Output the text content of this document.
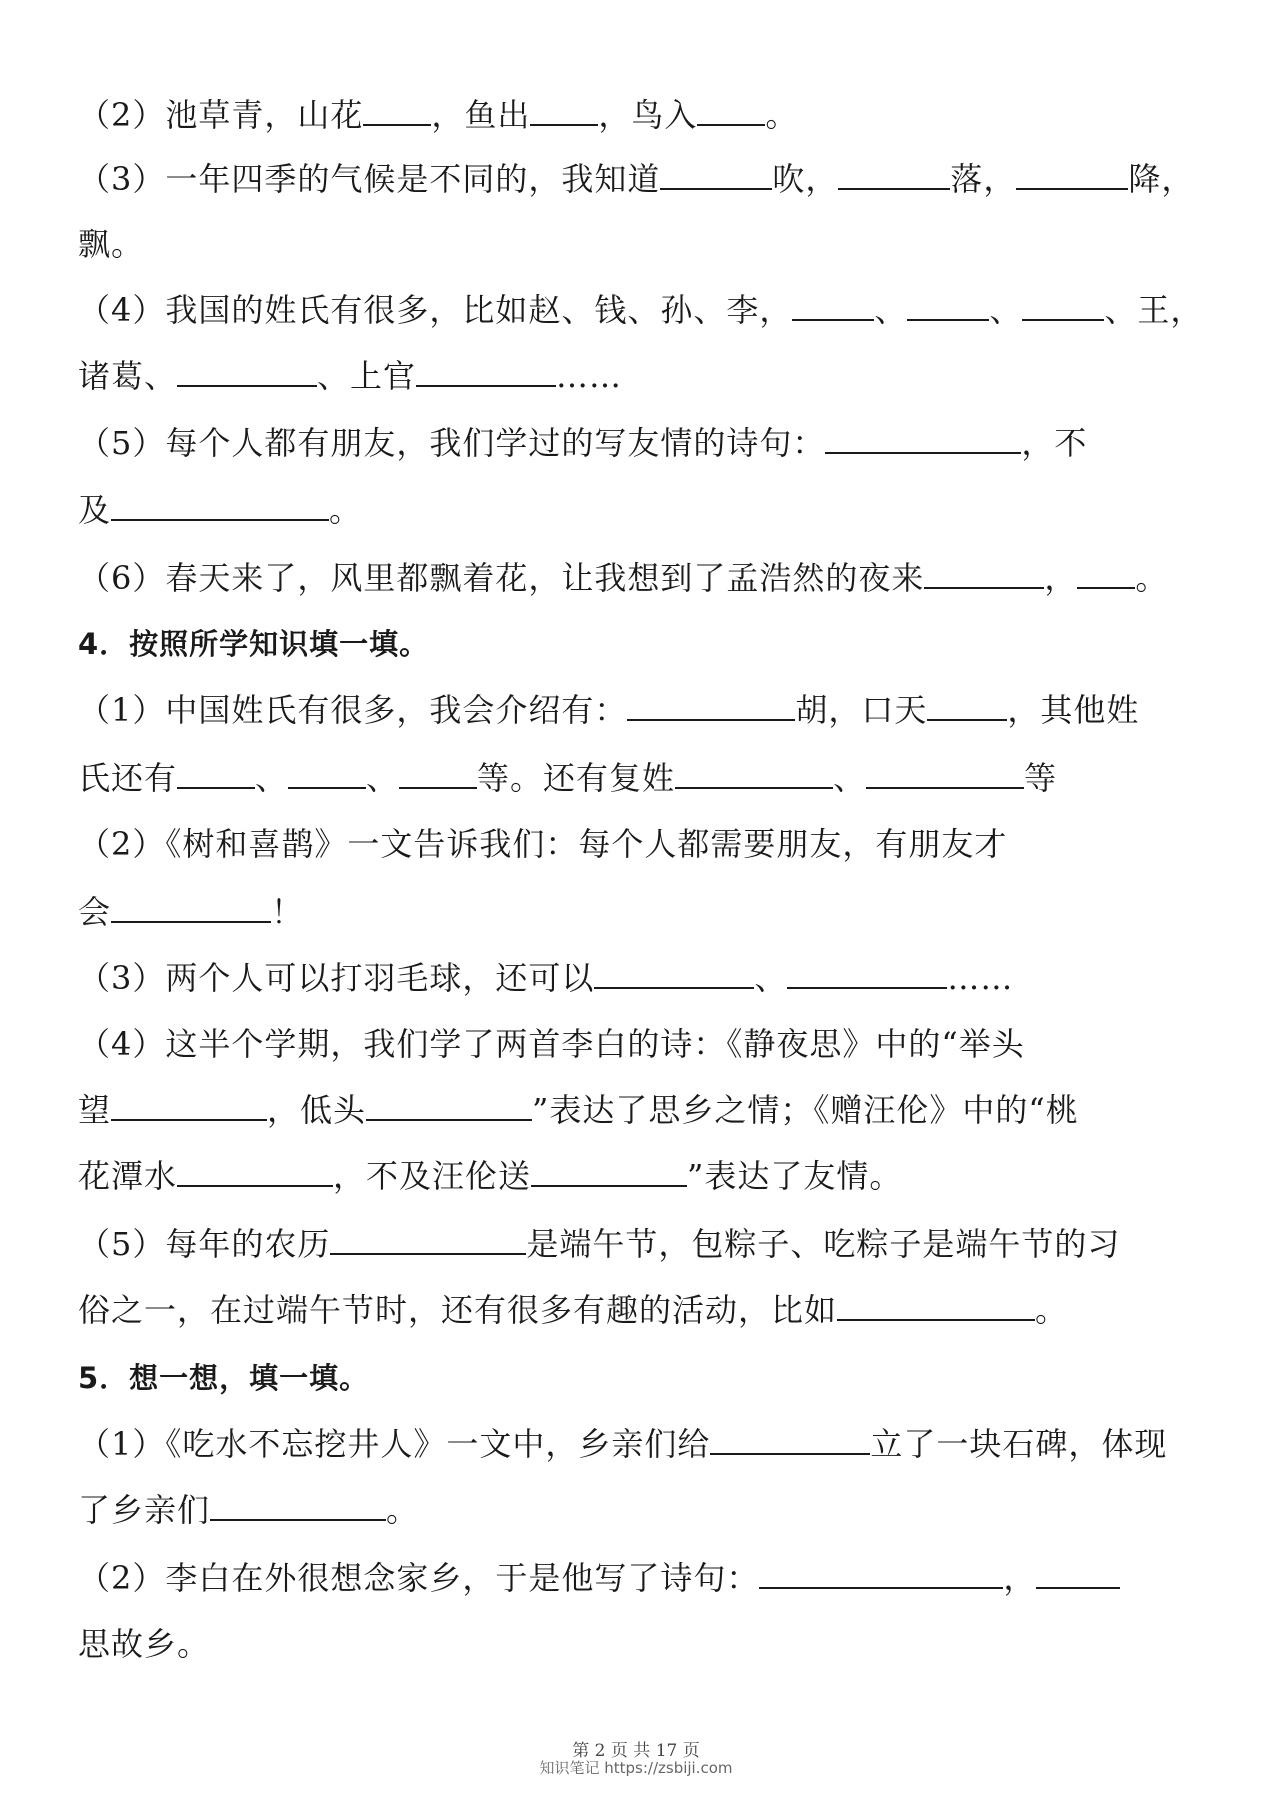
（2）池草青，山花 ，鱼出 ，鸟入 。
（3）一年四季的气候是不同的，我知道	吹，	落，	降，
飘。
（4）我国的姓氏有很多，比如赵、钱、孙、李，	、	、	、王，
诸葛、	、上官	……
（5）每个人都有朋友，我们学过的写友情的诗句：	，不
及	。
（6）春天来了，风里都飘着花，让我想到了孟浩然的夜来	， 。
4．按照所学知识填一填。
（1）中国姓氏有很多，我会介绍有：	胡，口天	，其他姓
氏还有 、 、 等。还有复姓	、	等
（2）《树和喜鹊》一文告诉我们：每个人都需要朋友，有朋友才
会	！
（3）两个人可以打羽毛球，还可以	、	……
（4）这半个学期，我们学了两首李白的诗：《静夜思》中的“举头
望	，低头	”表达了思乡之情；《赠汪伦》中的“桃
花潭水	，不及汪伦送	”表达了友情。
（5）每年的农历	是端午节，包粽子、吃粽子是端午节的习
俗之一，在过端午节时，还有很多有趣的活动，比如	。
5．想一想，填一填。
（1）《吃水不忘挖井人》一文中，乡亲们给	立了一块石碑，体现
了乡亲们	。
（2）李白在外很想念家乡，于是他写了诗句：	，
思故乡。
第 2 页 共 17 页
知识笔记 https://zsbiji.com
